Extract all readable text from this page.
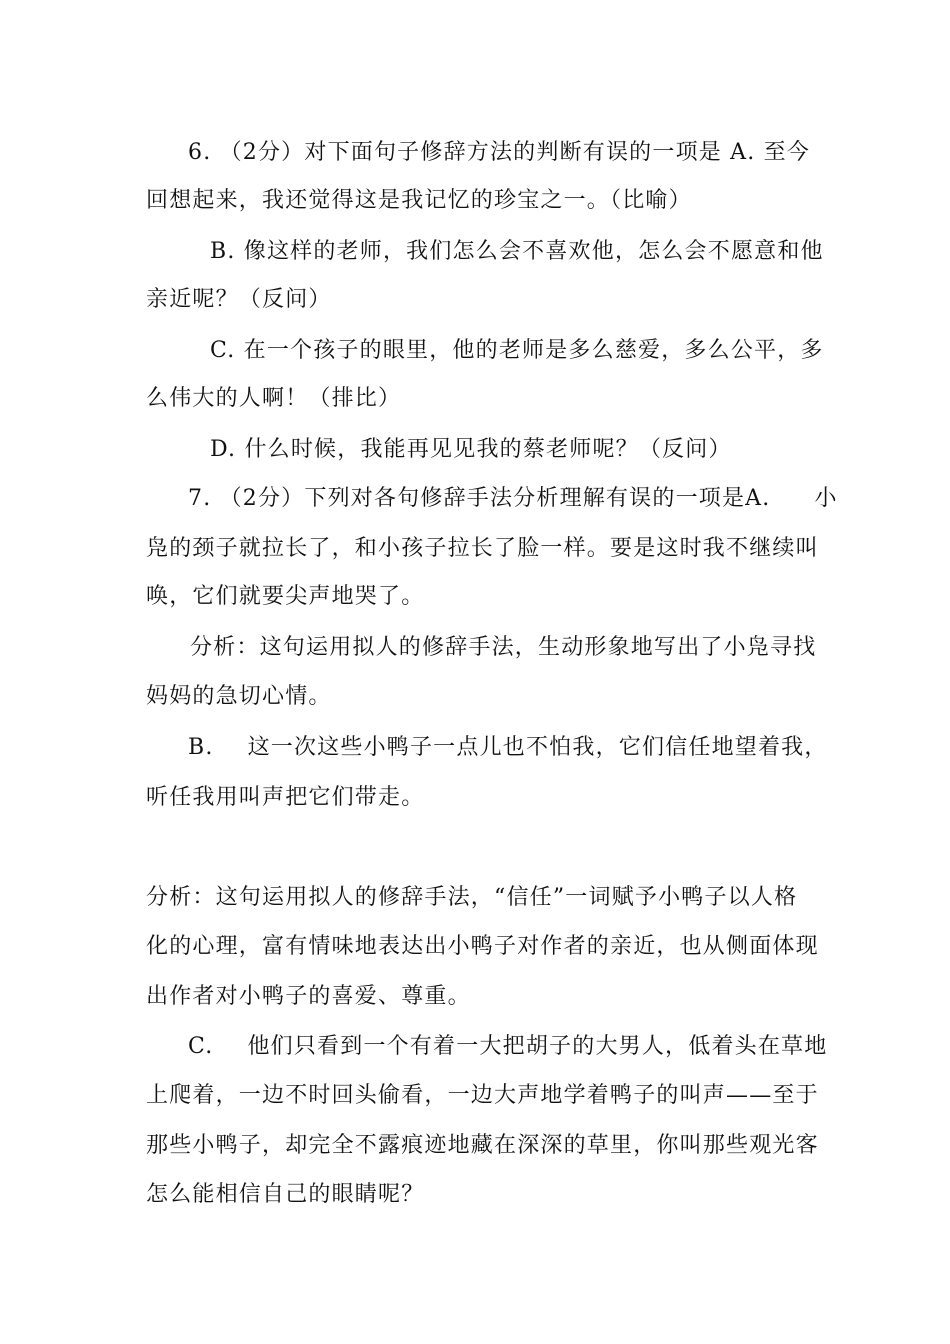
6. （2分）对下面句子修辞方法的判断有误的一项是 A. 至今
回想起来，我还觉得这是我记忆的珍宝之一。（比喻）
B. 像这样的老师，我们怎么会不喜欢他，怎么会不愿意和他
亲近呢？（反问）
C. 在一个孩子的眼里，他的老师是多么慈爱，多么公平，多
么伟大的人啊！（排比）
D. 什么时候，我能再见见我的蔡老师呢？（反问）
7. （2分）下列对各句修辞手法分析理解有误的一项是A. 小
凫的颈子就拉长了，和小孩子拉长了脸一样。要是这时我不继续叫
唤，它们就要尖声地哭了。
分析：这句运用拟人的修辞手法，生动形象地写出了小凫寻找
妈妈的急切心情。
B. 这一次这些小鸭子一点儿也不怕我，它们信任地望着我，
听任我用叫声把它们带走。
分析：这句运用拟人的修辞手法，“信任”一词赋予小鸭子以人格
化的心理，富有情味地表达出小鸭子对作者的亲近，也从侧面体现
出作者对小鸭子的喜爱、尊重。
C. 他们只看到一个有着一大把胡子的大男人，低着头在草地
上爬着，一边不时回头偷看，一边大声地学着鸭子的叫声——至于
那些小鸭子，却完全不露痕迹地藏在深深的草里，你叫那些观光客
怎么能相信自己的眼睛呢？
